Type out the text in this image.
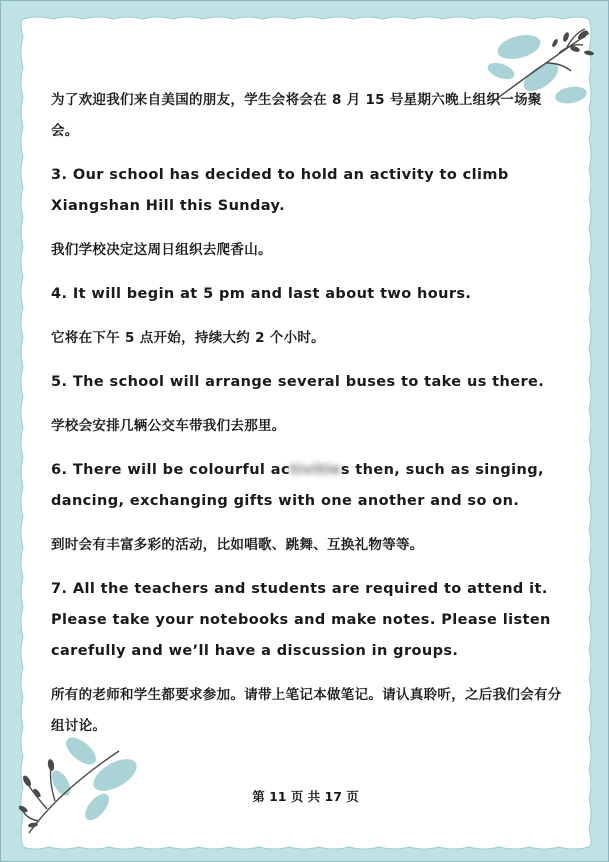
为了欢迎我们来自美国的朋友，学生会将会在 8 月 15 号星期六晚上组织一场聚会。

3. Our school has decided to hold an activity to climb Xiangshan Hill this Sunday.

我们学校决定这周日组织去爬香山。

4. It will begin at 5 pm and last about two hours.

它将在下午 5 点开始，持续大约 2 个小时。

5. The school will arrange several buses to take us there.

学校会安排几辆公交车带我们去那里。

6. There will be colourful activities then, such as singing, dancing, exchanging gifts with one another and so on.

到时会有丰富多彩的活动，比如唱歌、跳舞、互换礼物等等。

7. All the teachers and students are required to attend it. Please take your notebooks and make notes. Please listen carefully and we’ll have a discussion in groups.

所有的老师和学生都要求参加。请带上笔记本做笔记。请认真聆听，之后我们会有分组讨论。

第 11 页 共 17 页
